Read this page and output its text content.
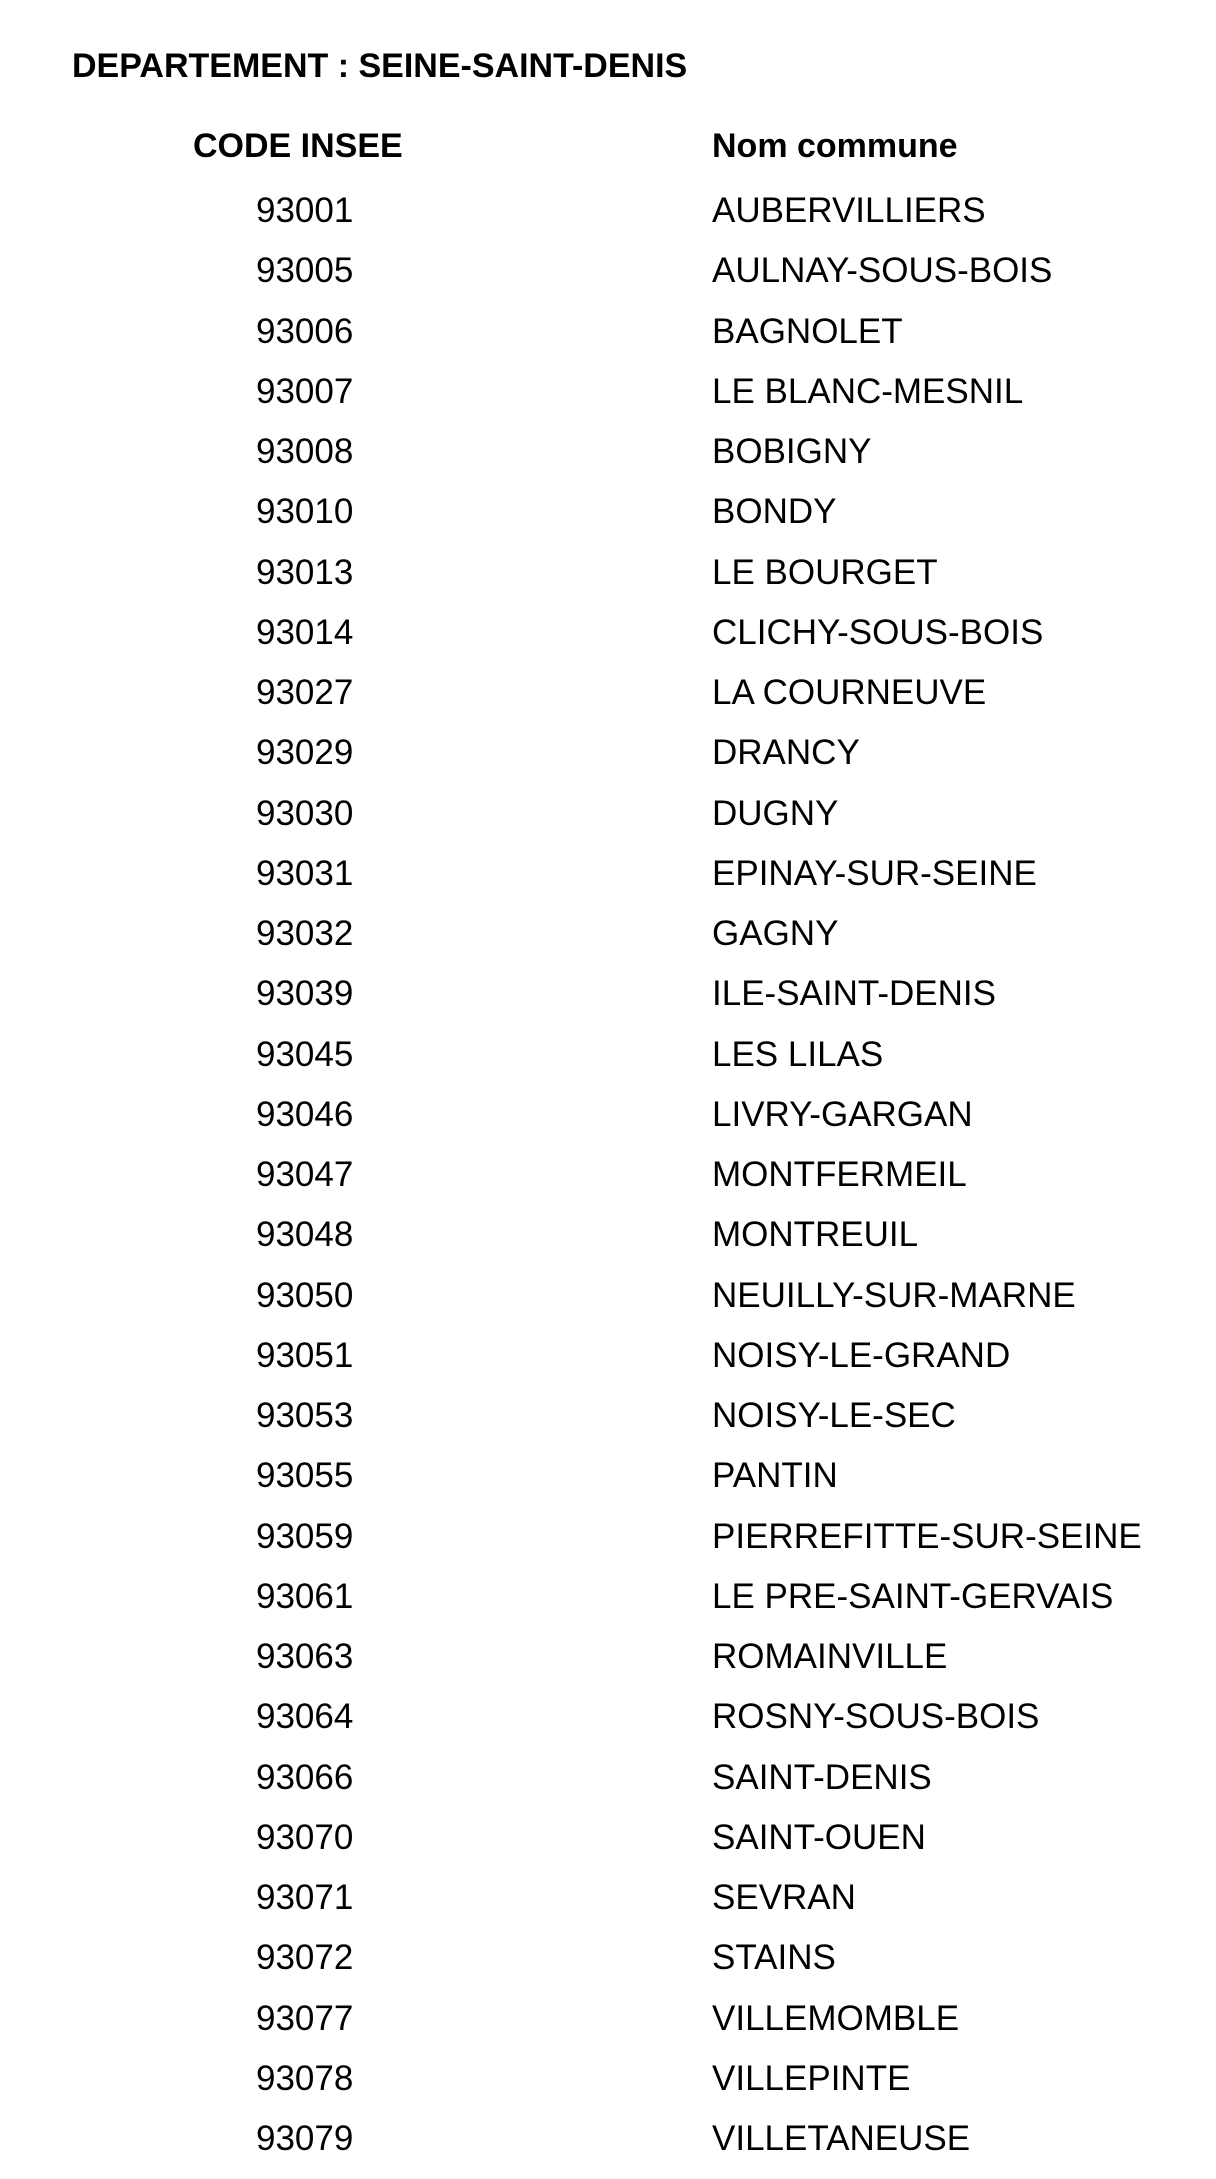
DEPARTEMENT : SEINE-SAINT-DENIS
CODE INSEE	Nom commune
93001	AUBERVILLIERS
93005	AULNAY-SOUS-BOIS
93006	BAGNOLET
93007	LE BLANC-MESNIL
93008	BOBIGNY
93010	BONDY
93013	LE BOURGET
93014	CLICHY-SOUS-BOIS
93027	LA COURNEUVE
93029	DRANCY
93030	DUGNY
93031	EPINAY-SUR-SEINE
93032	GAGNY
93039	ILE-SAINT-DENIS
93045	LES LILAS
93046	LIVRY-GARGAN
93047	MONTFERMEIL
93048	MONTREUIL
93050	NEUILLY-SUR-MARNE
93051	NOISY-LE-GRAND
93053	NOISY-LE-SEC
93055	PANTIN
93059	PIERREFITTE-SUR-SEINE
93061	LE PRE-SAINT-GERVAIS
93063	ROMAINVILLE
93064	ROSNY-SOUS-BOIS
93066	SAINT-DENIS
93070	SAINT-OUEN
93071	SEVRAN
93072	STAINS
93077	VILLEMOMBLE
93078	VILLEPINTE
93079	VILLETANEUSE
